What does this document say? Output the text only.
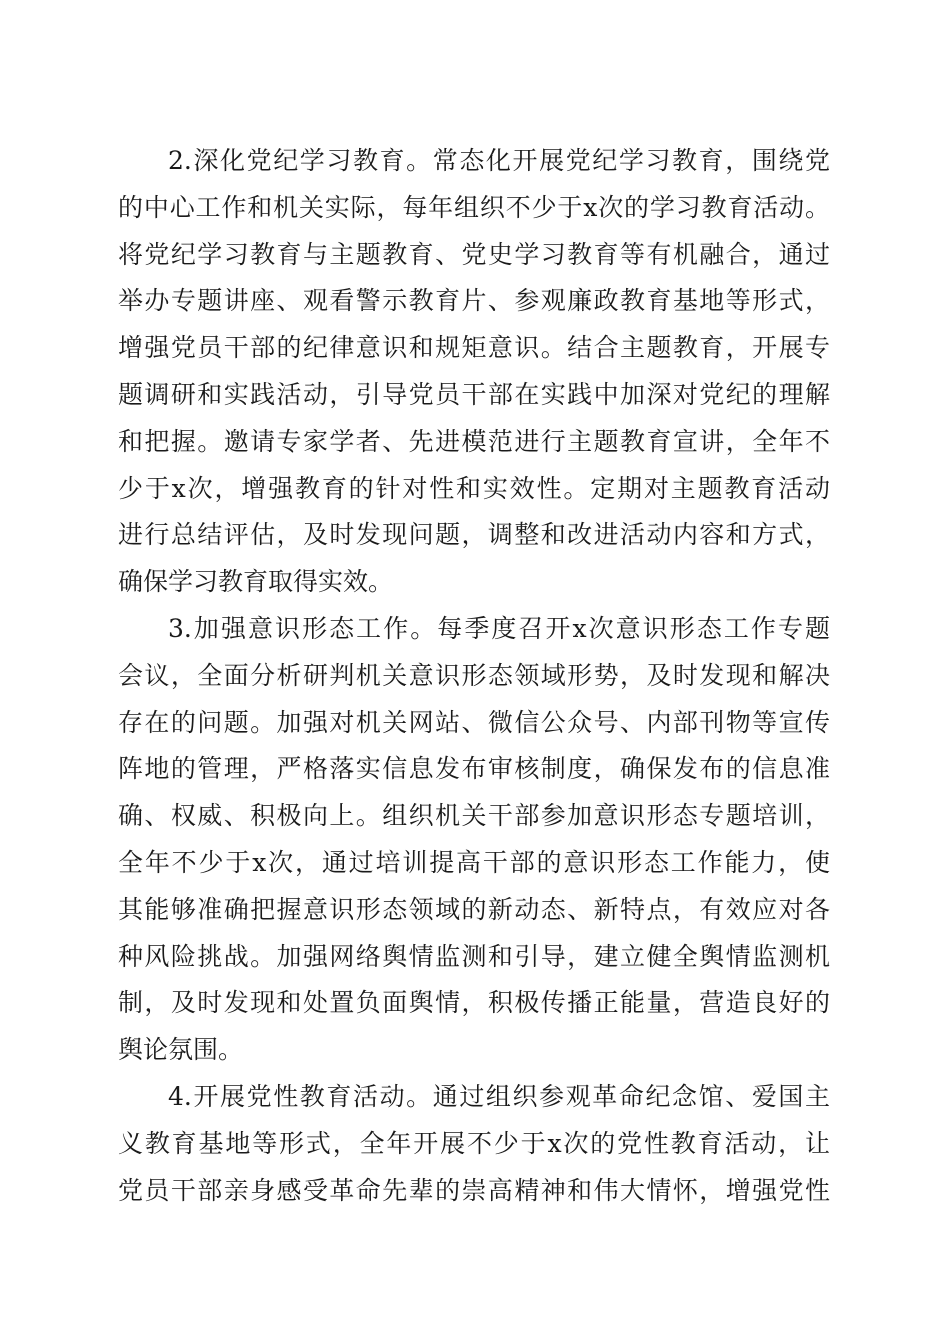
2.深化党纪学习教育。常态化开展党纪学习教育，围绕党
的中心工作和机关实际，每年组织不少于x次的学习教育活动。
将党纪学习教育与主题教育、党史学习教育等有机融合，通过
举办专题讲座、观看警示教育片、参观廉政教育基地等形式，
增强党员干部的纪律意识和规矩意识。结合主题教育，开展专
题调研和实践活动，引导党员干部在实践中加深对党纪的理解
和把握。邀请专家学者、先进模范进行主题教育宣讲，全年不
少于x次，增强教育的针对性和实效性。定期对主题教育活动
进行总结评估，及时发现问题，调整和改进活动内容和方式，
确保学习教育取得实效。
3.加强意识形态工作。每季度召开x次意识形态工作专题
会议，全面分析研判机关意识形态领域形势，及时发现和解决
存在的问题。加强对机关网站、微信公众号、内部刊物等宣传
阵地的管理，严格落实信息发布审核制度，确保发布的信息准
确、权威、积极向上。组织机关干部参加意识形态专题培训，
全年不少于x次，通过培训提高干部的意识形态工作能力，使
其能够准确把握意识形态领域的新动态、新特点，有效应对各
种风险挑战。加强网络舆情监测和引导，建立健全舆情监测机
制，及时发现和处置负面舆情，积极传播正能量，营造良好的
舆论氛围。
4.开展党性教育活动。通过组织参观革命纪念馆、爱国主
义教育基地等形式，全年开展不少于x次的党性教育活动，让
党员干部亲身感受革命先辈的崇高精神和伟大情怀，增强党性
